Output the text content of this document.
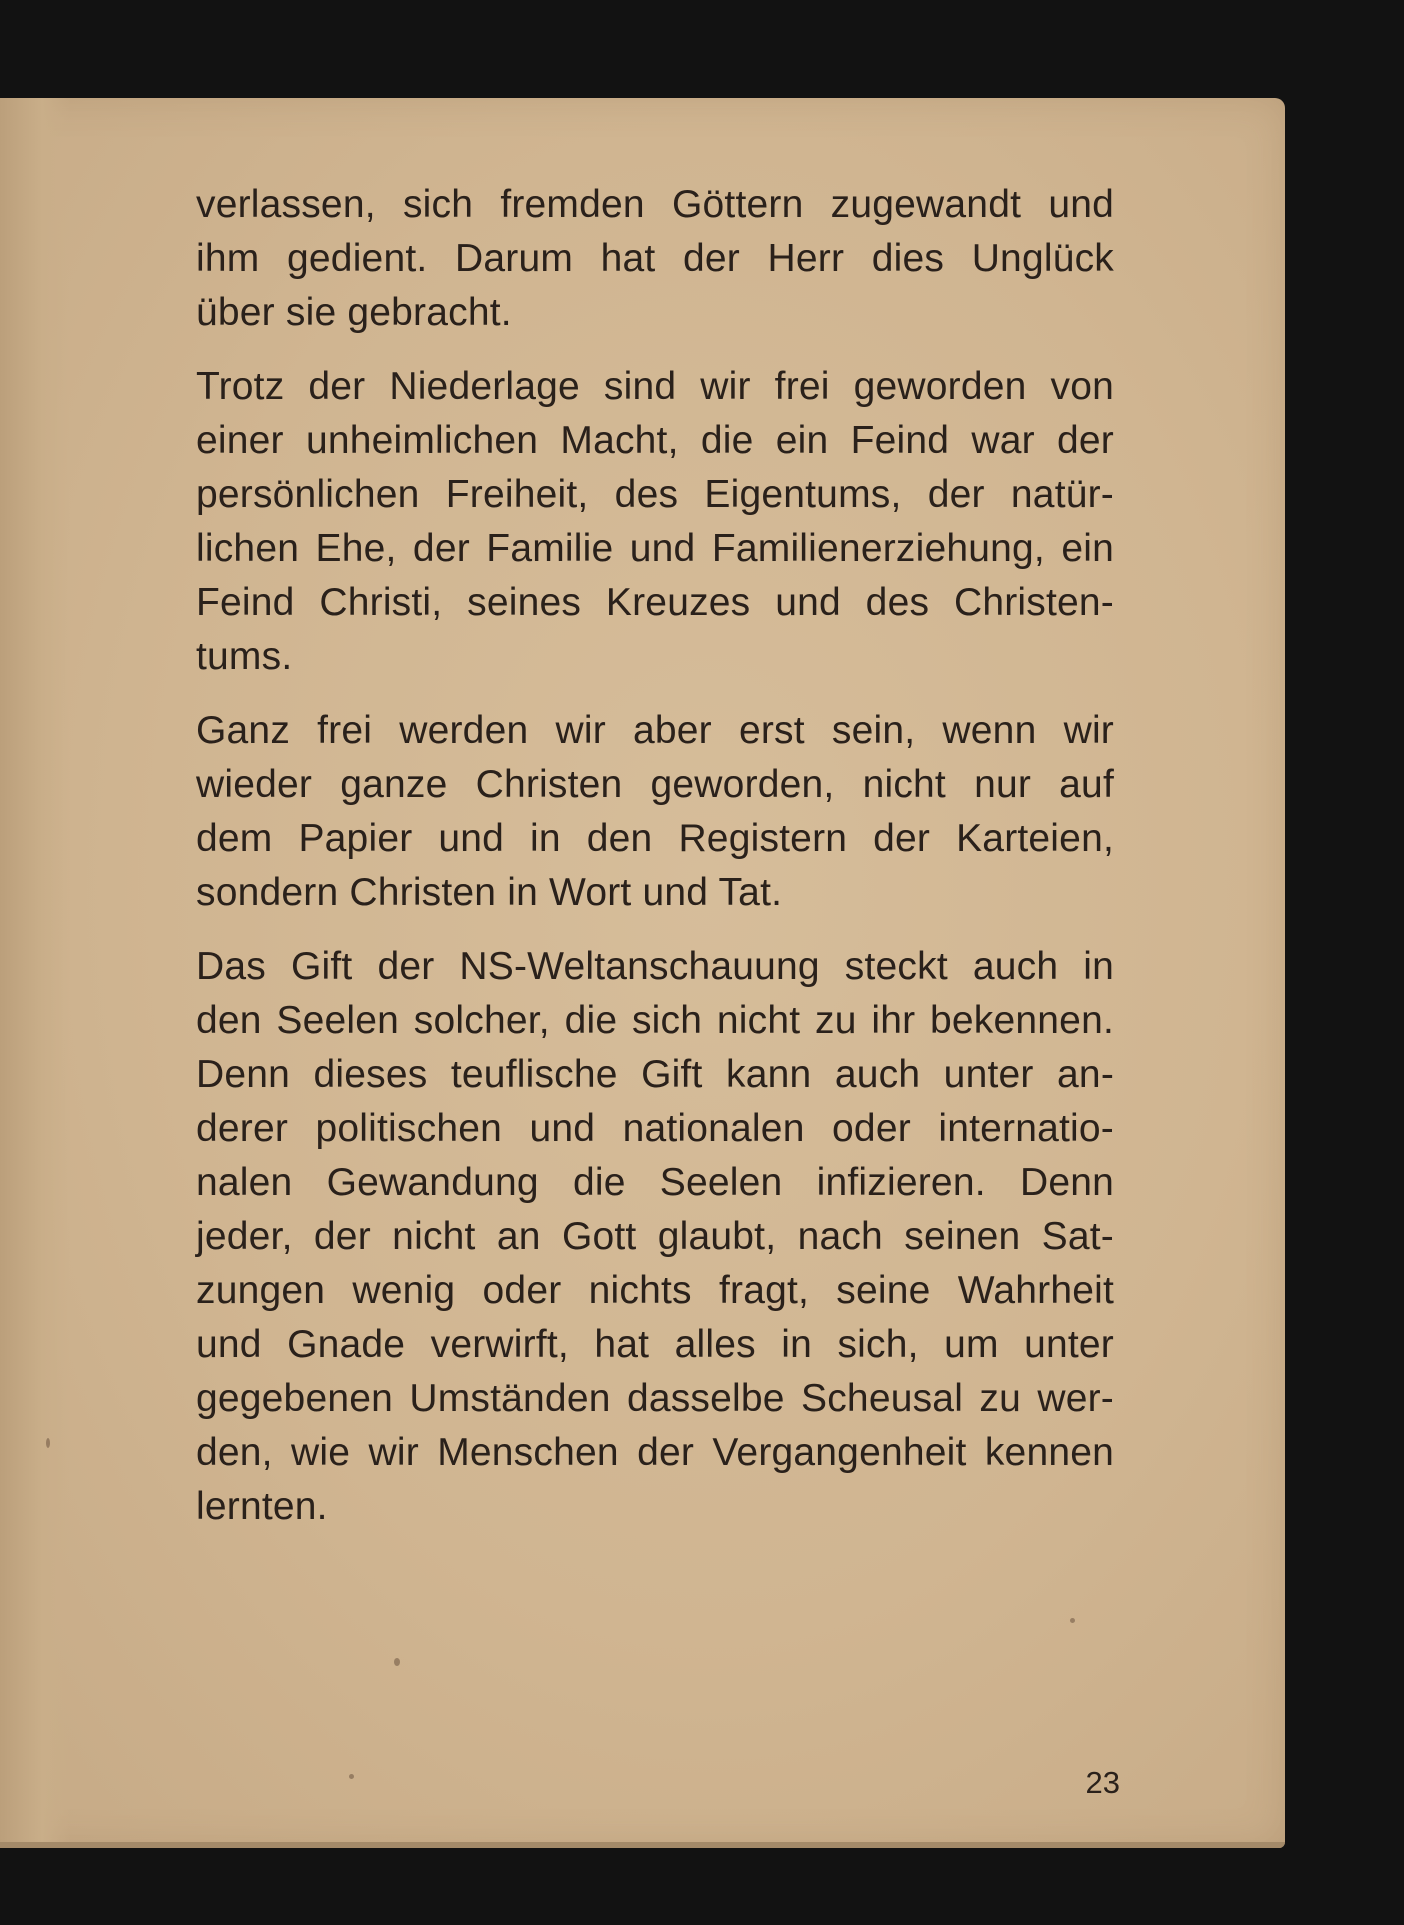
23

verlassen, sich fremden Göttern zugewandt und
ihm gedient. Darum hat der Herr dies Unglück
über sie gebracht.

Trotz der Niederlage sind wir frei geworden von
einer unheimlichen Macht, die ein Feind war der
persönlichen Freiheit, des Eigentums, der natür-
lichen Ehe, der Familie und Familienerziehung, ein
Feind Christi, seines Kreuzes und des Christen-
tums.

Ganz frei werden wir aber erst sein, wenn wir
wieder ganze Christen geworden, nicht nur auf
dem Papier und in den Registern der Karteien,
sondern Christen in Wort und Tat.

Das Gift der NS-Weltanschauung steckt auch in
den Seelen solcher, die sich nicht zu ihr bekennen.
Denn dieses teuflische Gift kann auch unter an-
derer politischen und nationalen oder internatio-
nalen Gewandung die Seelen infizieren. Denn
jeder, der nicht an Gott glaubt, nach seinen Sat-
zungen wenig oder nichts fragt, seine Wahrheit
und Gnade verwirft, hat alles in sich, um unter
gegebenen Umständen dasselbe Scheusal zu wer-
den, wie wir Menschen der Vergangenheit kennen
lernten.
